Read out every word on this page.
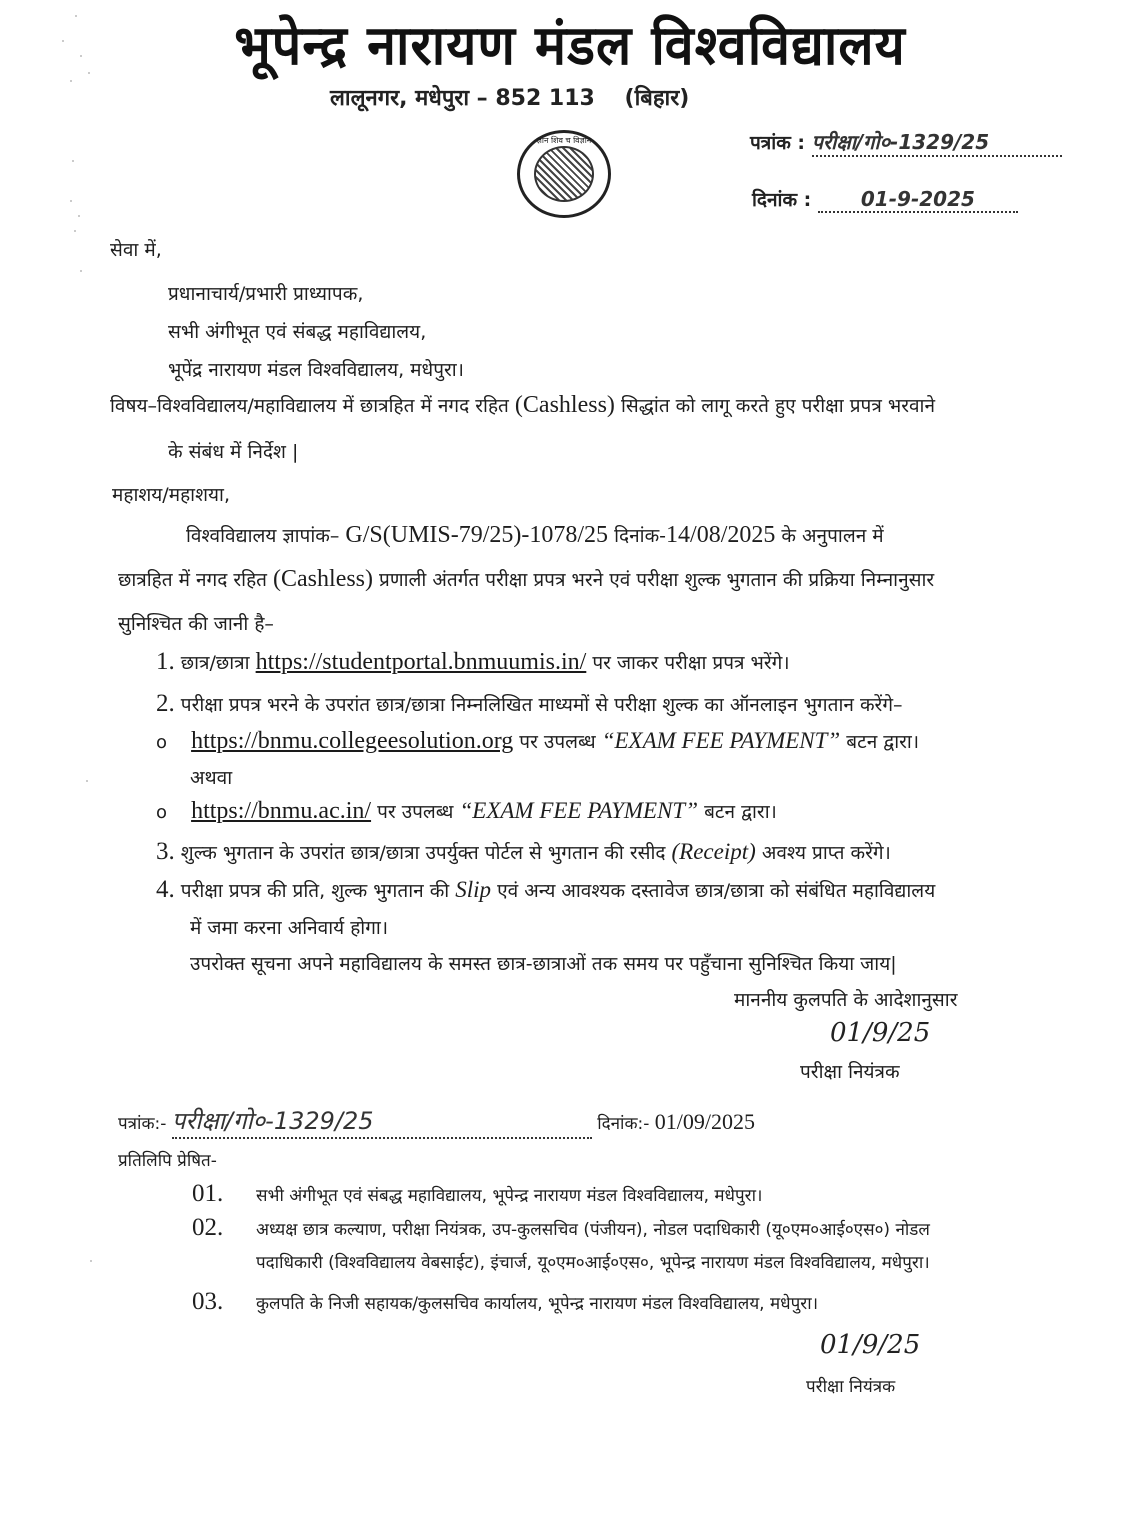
भूपेन्द्र नारायण मंडल विश्वविद्यालय
लालूनगर, मधेपुरा – 852 113 (बिहार)
ज्ञान शिव च विज्ञान	पत्रांक : परीक्षा/गो०-1329/25
दिनांक : 01-9-2025
सेवा में,
प्रधानाचार्य/प्रभारी प्राध्यापक,
सभी अंगीभूत एवं संबद्ध महाविद्यालय,
भूपेंद्र नारायण मंडल विश्वविद्यालय, मधेपुरा।
विषय–विश्वविद्यालय/महाविद्यालय में छात्रहित में नगद रहित (Cashless) सिद्धांत को लागू करते हुए परीक्षा प्रपत्र भरवाने
के संबंध में निर्देश |
महाशय/महाशया,
विश्वविद्यालय ज्ञापांक– G/S(UMIS-79/25)-1078/25 दिनांक-14/08/2025 के अनुपालन में
छात्रहित में नगद रहित (Cashless) प्रणाली अंतर्गत परीक्षा प्रपत्र भरने एवं परीक्षा शुल्क भुगतान की प्रक्रिया निम्नानुसार
सुनिश्चित की जानी है–
1. छात्र/छात्रा https://studentportal.bnmuumis.in/ पर जाकर परीक्षा प्रपत्र भरेंगे।
2. परीक्षा प्रपत्र भरने के उपरांत छात्र/छात्रा निम्नलिखित माध्यमों से परीक्षा शुल्क का ऑनलाइन भुगतान करेंगे–
o https://bnmu.collegeesolution.org पर उपलब्ध “EXAM FEE PAYMENT” बटन द्वारा।
अथवा
o https://bnmu.ac.in/ पर उपलब्ध “EXAM FEE PAYMENT” बटन द्वारा।
3. शुल्क भुगतान के उपरांत छात्र/छात्रा उपर्युक्त पोर्टल से भुगतान की रसीद (Receipt) अवश्य प्राप्त करेंगे।
4. परीक्षा प्रपत्र की प्रति, शुल्क भुगतान की Slip एवं अन्य आवश्यक दस्तावेज छात्र/छात्रा को संबंधित महाविद्यालय
में जमा करना अनिवार्य होगा।
उपरोक्त सूचना अपने महाविद्यालय के समस्त छात्र-छात्राओं तक समय पर पहुँचाना सुनिश्चित किया जाय|
माननीय कुलपति के आदेशानुसार
01/9/25
परीक्षा नियंत्रक
पत्रांक:- परीक्षा/गो०-1329/25	दिनांक:- 01/09/2025
प्रतिलिपि प्रेषित-
01. सभी अंगीभूत एवं संबद्ध महाविद्यालय, भूपेन्द्र नारायण मंडल विश्वविद्यालय, मधेपुरा।
02. अध्यक्ष छात्र कल्याण, परीक्षा नियंत्रक, उप-कुलसचिव (पंजीयन), नोडल पदाधिकारी (यू०एम०आई०एस०) नोडल
पदाधिकारी (विश्वविद्यालय वेबसाईट), इंचार्ज, यू०एम०आई०एस०, भूपेन्द्र नारायण मंडल विश्वविद्यालय, मधेपुरा।
03. कुलपति के निजी सहायक/कुलसचिव कार्यालय, भूपेन्द्र नारायण मंडल विश्वविद्यालय, मधेपुरा।
01/9/25
परीक्षा नियंत्रक
